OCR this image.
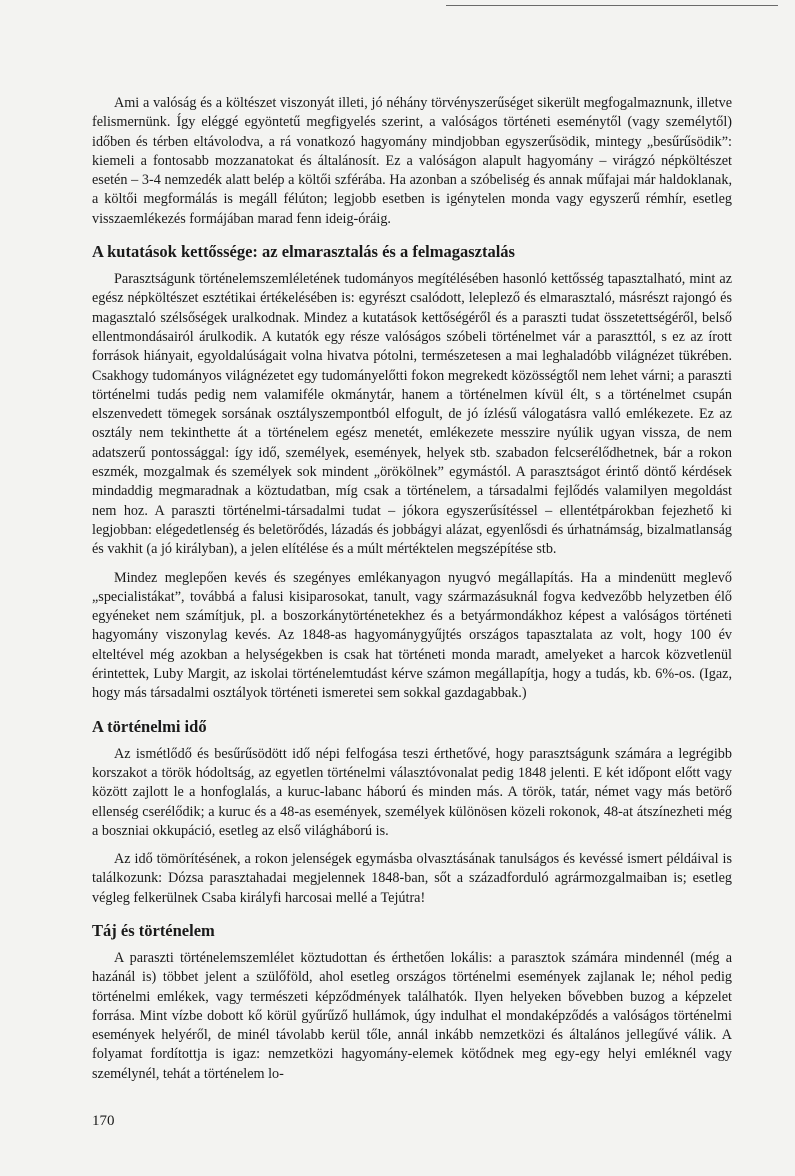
Ami a valóság és a költészet viszonyát illeti, jó néhány törvényszerűséget sikerült megfogalmaznunk, illetve felismernünk. Így eléggé egyöntetű megfigyelés szerint, a valóságos történeti eseménytől (vagy személytől) időben és térben eltávolodva, a rá vonatkozó hagyomány mindjobban egyszerűsödik, mintegy „besűrűsödik”: kiemeli a fontosabb mozzanatokat és általánosít. Ez a valóságon alapult hagyomány – virágzó népköltészet esetén – 3-4 nemzedék alatt belép a költői szférába. Ha azonban a szóbeliség és annak műfajai már haldoklanak, a költői megformálás is megáll félúton; legjobb esetben is igénytelen monda vagy egyszerű rémhír, esetleg visszaemlékezés formájában marad fenn ideig-óráig.

A kutatások kettőssége: az elmarasztalás és a felmagasztalás

Parasztságunk történelemszemléletének tudományos megítélésében hasonló kettősség tapasztalható, mint az egész népköltészet esztétikai értékelésében is: egyrészt csalódott, leleplező és elmarasztaló, másrészt rajongó és magasztaló szélsőségek uralkodnak. Mindez a kutatások kettőségéről és a paraszti tudat összetettségéről, belső ellentmondásairól árulkodik. A kutatók egy része valóságos szóbeli történelmet vár a paraszttól, s ez az írott források hiányait, egyoldalúságait volna hivatva pótolni, természetesen a mai leghaladóbb világnézet tükrében. Csakhogy tudományos világnézetet egy tudományelőtti fokon megrekedt közösségtől nem lehet várni; a paraszti történelmi tudás pedig nem valamiféle okmánytár, hanem a történelmen kívül élt, s a történelmet csupán elszenvedett tömegek sorsának osztályszempontból elfogult, de jó ízlésű válogatásra valló emlékezete. Ez az osztály nem tekinthette át a történelem egész menetét, emlékezete messzire nyúlik ugyan vissza, de nem adatszerű pontossággal: így idő, személyek, események, helyek stb. szabadon felcserélődhetnek, bár a rokon eszmék, mozgalmak és személyek sok mindent „örökölnek” egymástól. A parasztságot érintő döntő kérdések mindaddig megmaradnak a köztudatban, míg csak a történelem, a társadalmi fejlődés valamilyen megoldást nem hoz. A paraszti történelmi-társadalmi tudat – jókora egyszerűsítéssel – ellentétpárokban fejezhető ki legjobban: elégedetlenség és beletörődés, lázadás és jobbágyi alázat, egyenlősdi és úrhatnámság, bizalmatlanság és vakhit (a jó királyban), a jelen elítélése és a múlt mértéktelen megszépítése stb.

Mindez meglepően kevés és szegényes emlékanyagon nyugvó megállapítás. Ha a mindenütt meglevő „specialistákat”, továbbá a falusi kisiparosokat, tanult, vagy származásuknál fogva kedvezőbb helyzetben élő egyéneket nem számítjuk, pl. a boszorkánytörténetekhez és a betyármondákhoz képest a valóságos történeti hagyomány viszonylag kevés. Az 1848-as hagyománygyűjtés országos tapasztalata az volt, hogy 100 év elteltével még azokban a helységekben is csak hat történeti monda maradt, amelyeket a harcok közvetlenül érintettek, Luby Margit, az iskolai történelemtudást kérve számon megállapítja, hogy a tudás, kb. 6%-os. (Igaz, hogy más társadalmi osztályok történeti ismeretei sem sokkal gazdagabbak.)

A történelmi idő

Az ismétlődő és besűrűsödött idő népi felfogása teszi érthetővé, hogy parasztságunk számára a legrégibb korszakot a török hódoltság, az egyetlen történelmi választóvonalat pedig 1848 jelenti. E két időpont előtt vagy között zajlott le a honfoglalás, a kuruc-labanc háború és minden más. A török, tatár, német vagy más betörő ellenség cserélődik; a kuruc és a 48-as események, személyek különösen közeli rokonok, 48-at átszínezheti még a boszniai okkupáció, esetleg az első világháború is.

Az idő tömörítésének, a rokon jelenségek egymásba olvasztásának tanulságos és kevéssé ismert példáival is találkozunk: Dózsa parasztahadai megjelennek 1848-ban, sőt a századforduló agrármozgalmaiban is; esetleg végleg felkerülnek Csaba királyfi harcosai mellé a Tejútra!

Táj és történelem

A paraszti történelemszemlélet köztudottan és érthetően lokális: a parasztok számára mindennél (még a hazánál is) többet jelent a szülőföld, ahol esetleg országos történelmi események zajlanak le; néhol pedig történelmi emlékek, vagy természeti képződmények találhatók. Ilyen helyeken bővebben buzog a képzelet forrása. Mint vízbe dobott kő körül gyűrűző hullámok, úgy indulhat el mondaképződés a valóságos történelmi események helyéről, de minél távolabb kerül tőle, annál inkább nemzetközi és általános jellegűvé válik. A folyamat fordítottja is igaz: nemzetközi hagyomány-elemek kötődnek meg egy-egy helyi emléknél vagy személynél, tehát a történelem lo-

170
